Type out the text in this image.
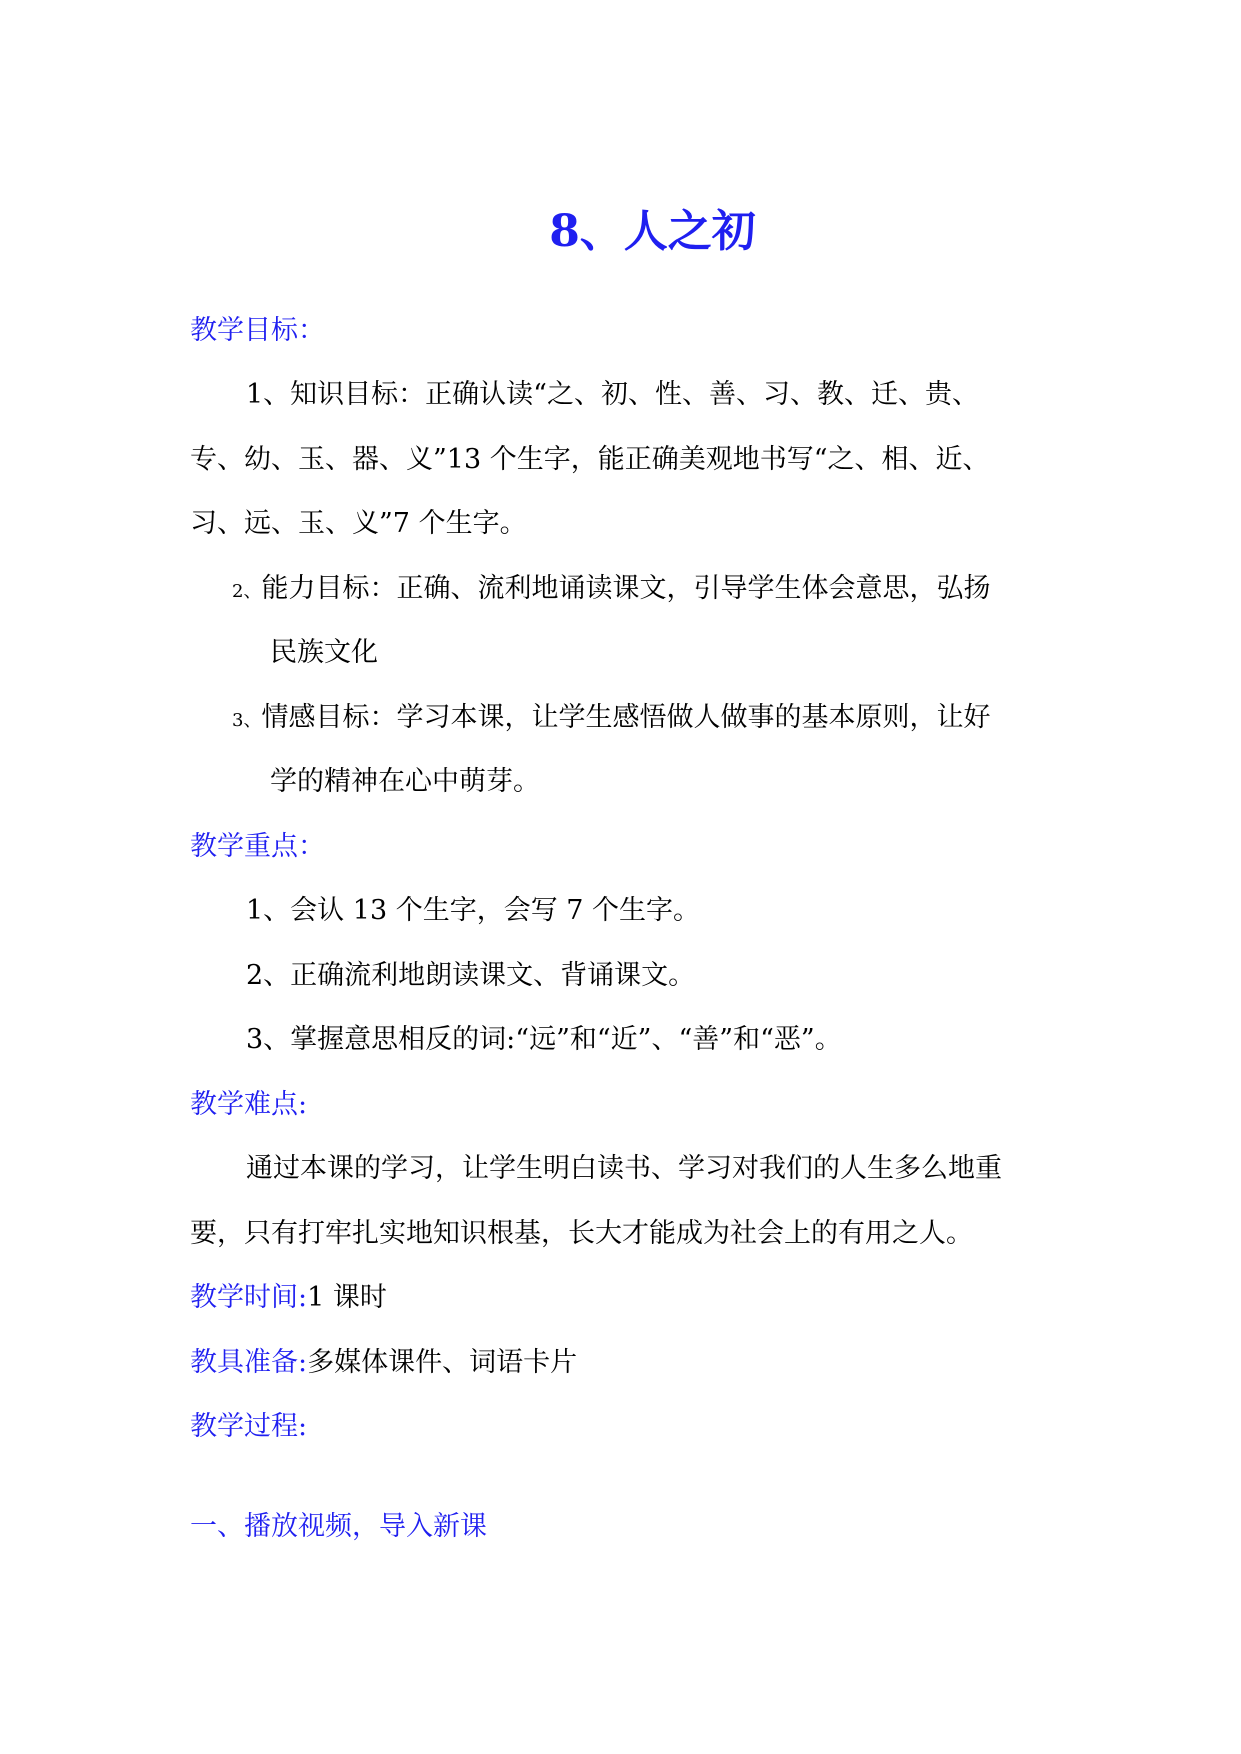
8、人之初
教学目标：
1、知识目标：正确认读“之、初、性、善、习、教、迁、贵、
专、幼、玉、器、义”13 个生字，能正确美观地书写“之、相、近、
习、远、玉、义”7 个生字。
2、能力目标：正确、流利地诵读课文，引导学生体会意思，弘扬
民族文化
3、情感目标：学习本课，让学生感悟做人做事的基本原则，让好
学的精神在心中萌芽。
教学重点：
1、会认 13 个生字，会写 7 个生字。
2、正确流利地朗读课文、背诵课文。
3、掌握意思相反的词:“远”和“近”、“善”和“恶”。
教学难点:
通过本课的学习，让学生明白读书、学习对我们的人生多么地重
要，只有打牢扎实地知识根基，长大才能成为社会上的有用之人。
教学时间:1 课时
教具准备:多媒体课件、词语卡片
教学过程:
一、播放视频，导入新课
